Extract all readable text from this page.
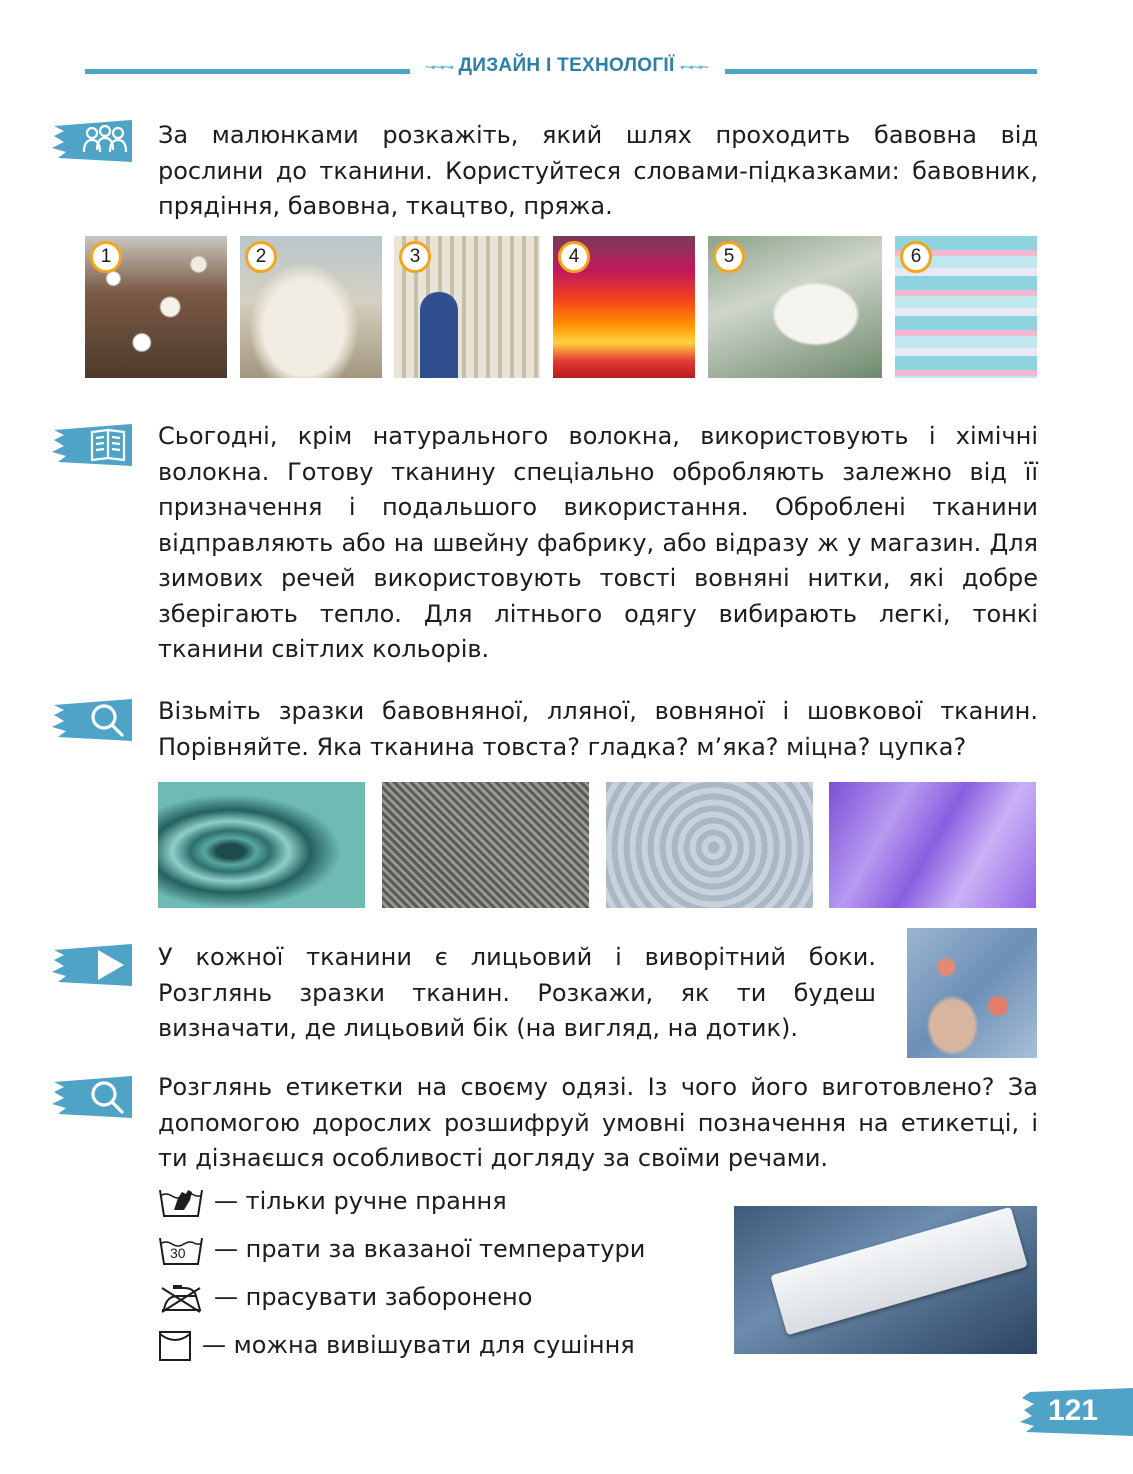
~•~•~• ДИЗАЙН І ТЕХНОЛОГІЇ •~•~•~
За малюнками розкажіть, який шлях проходить бавовна від рослини до тканини. Користуйтеся словами-підказками: бавовник, прядіння, бавовна, ткацтво, пряжа.
1	2	3	4	5	6
Сьогодні, крім натурального волокна, використовують і хімічні волокна. Готову тканину спеціально обробляють залежно від її призначення і подальшого використання. Оброблені тканини відправляють або на швейну фабрику, або відразу ж у магазин. Для зимових речей використовують товсті вовняні нитки, які добре зберігають тепло. Для літнього одягу вибирають легкі, тонкі тканини світлих кольорів.
Візьміть зразки бавовняної, лляної, вовняної і шовкової тканин. Порівняйте. Яка тканина товста? гладка? м’яка? міцна? цупка?
У кожної тканини є лицьовий і виворітний боки. Розглянь зразки тканин. Розкажи, як ти будеш визначати, де лицьовий бік (на вигляд, на дотик).
Розглянь етикетки на своєму одязі. Із чого його виготовлено? За допомогою дорослих розшифруй умовні позначення на етикетці, і ти дізнаєшся особливості догляду за своїми речами.
— тільки ручне прання
30 — прати за вказаної температури
— прасувати заборонено
— можна вивішувати для сушіння
121
